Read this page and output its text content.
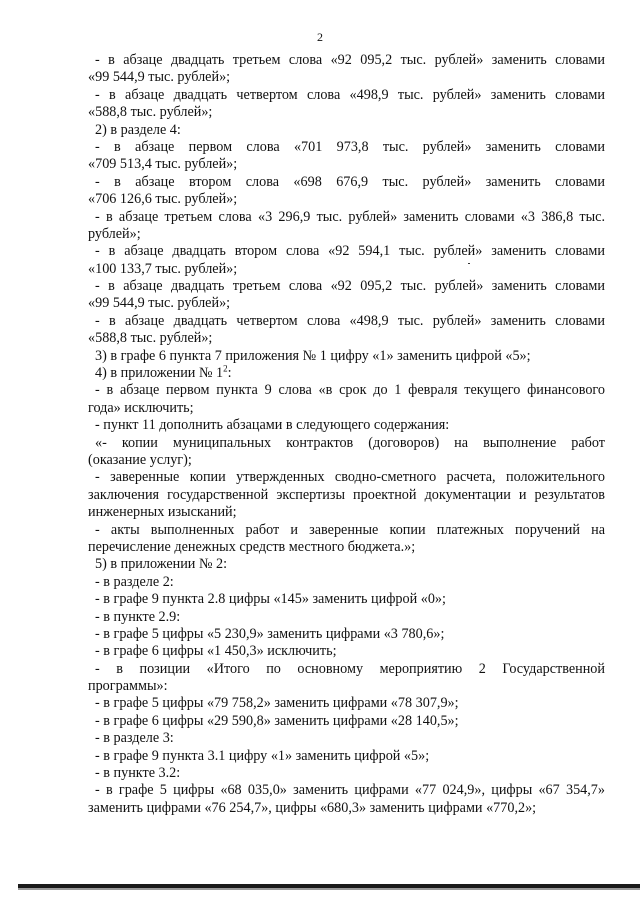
2
- в абзаце двадцать третьем слова «92 095,2 тыс. рублей» заменить словами
«99 544,9 тыс. рублей»;
- в абзаце двадцать четвертом слова «498,9 тыс. рублей» заменить словами
«588,8 тыс. рублей»;
2) в разделе 4:
- в абзаце первом слова «701 973,8 тыс. рублей» заменить словами
«709 513,4 тыс. рублей»;
- в абзаце втором слова «698 676,9 тыс. рублей» заменить словами
«706 126,6 тыс. рублей»;
- в абзаце третьем слова «3 296,9 тыс. рублей» заменить словами «3 386,8 тыс.
рублей»;
- в абзаце двадцать втором слова «92 594,1 тыс. рублей» заменить словами
«100 133,7 тыс. рублей»;
- в абзаце двадцать третьем слова «92 095,2 тыс. рублей» заменить словами
«99 544,9 тыс. рублей»;
- в абзаце двадцать четвертом слова «498,9 тыс. рублей» заменить словами
«588,8 тыс. рублей»;
3) в графе 6 пункта 7 приложения № 1 цифру «1» заменить цифрой «5»;
4) в приложении № $1^2$:
- в абзаце первом пункта 9 слова «в срок до 1 февраля текущего финансового
года» исключить;
- пункт 11 дополнить абзацами в следующего содержания:
«- копии муниципальных контрактов (договоров) на выполнение работ
(оказание услуг);
- заверенные копии утвержденных сводно-сметного расчета, положительного
заключения государственной экспертизы проектной документации и результатов
инженерных изысканий;
- акты выполненных работ и заверенные копии платежных поручений на
перечисление денежных средств местного бюджета.»;
5) в приложении № 2:
- в разделе 2:
- в графе 9 пункта 2.8 цифры «145» заменить цифрой «0»;
- в пункте 2.9:
- в графе 5 цифры «5 230,9» заменить цифрами «3 780,6»;
- в графе 6 цифры «1 450,3» исключить;
- в позиции «Итого по основному мероприятию 2 Государственной
программы»:
- в графе 5 цифры «79 758,2» заменить цифрами «78 307,9»;
- в графе 6 цифры «29 590,8» заменить цифрами «28 140,5»;
- в разделе 3:
- в графе 9 пункта 3.1 цифру «1» заменить цифрой «5»;
- в пункте 3.2:
- в графе 5 цифры «68 035,0» заменить цифрами «77 024,9», цифры «67 354,7»
заменить цифрами «76 254,7», цифры «680,3» заменить цифрами «770,2»;
